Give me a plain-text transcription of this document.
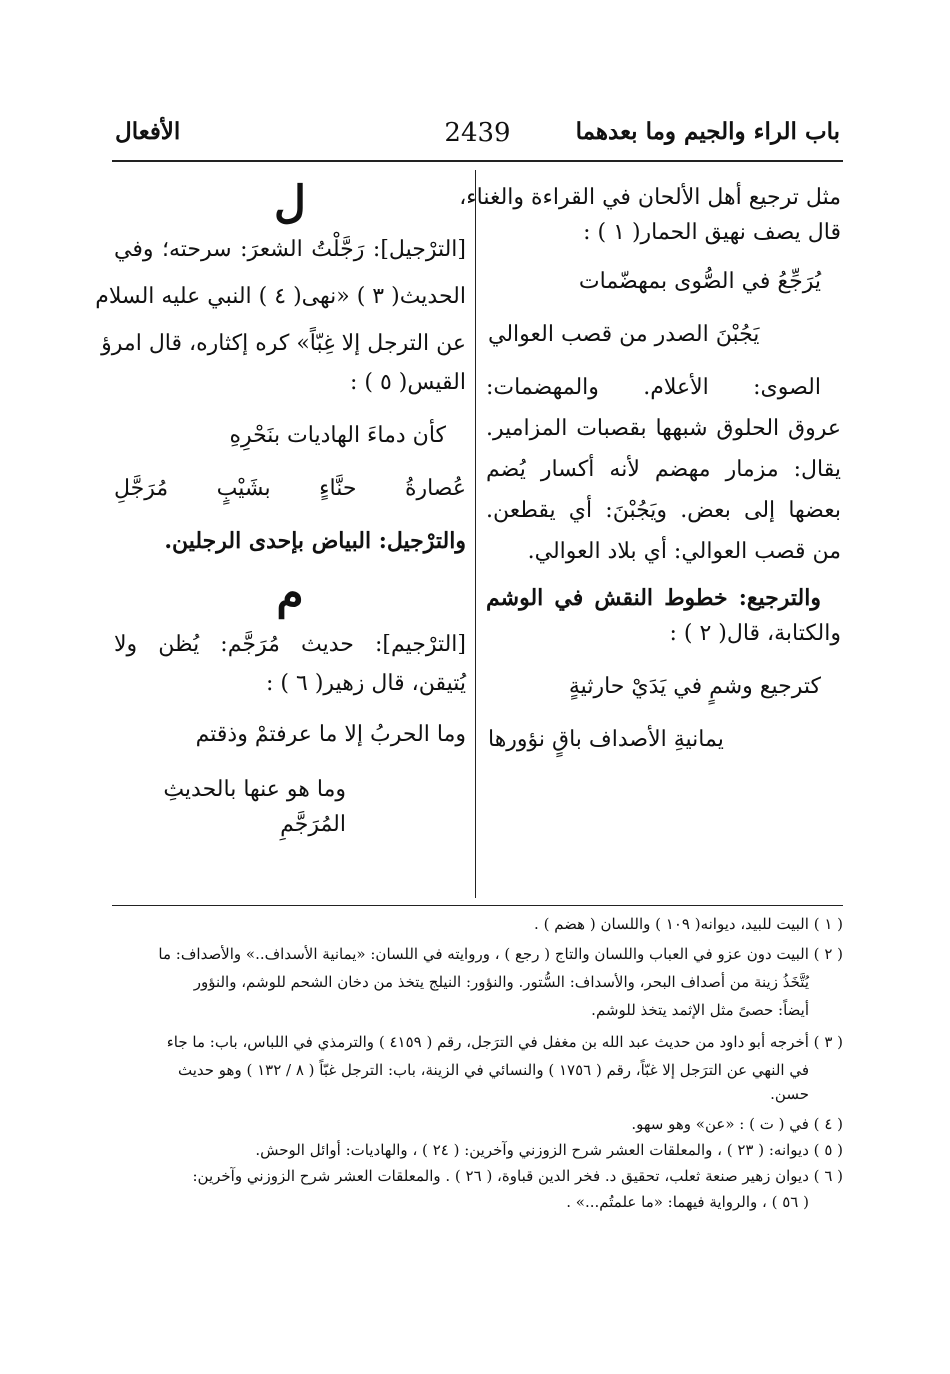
باب الراء والجيم وما بعدهما
2439
الأفعال
مثل ترجيع أهل الألحان في القراءة والغناء،
قال يصف نهيق الحمار( ١ ) :
يُرَجِّعُ في الصُّوى بمهضّمات
يَجُبْنَ الصدر من قصب العوالي
الصوى: الأعلام. والمهضمات:
عروق الحلوق شبهها بقصبات المزامير.
يقال: مزمار مهضم لأنه أكسار يُضم
بعضها إلى بعض. ويَجُبْنَ: أي يقطعن.
من قصب العوالي: أي بلاد العوالي.
والترجيع: خطوط النقش في الوشم
والكتابة، قال( ٢ ) :
كترجيع وشمٍ في يَدَيْ حارثيةٍ
يمانيةِ الأصداف باقٍ نؤورها
ل
[الترْجيل]: رَجَّلْتُ الشعرَ: سرحته؛ وفي
الحديث( ٣ ) «نهى( ٤ ) النبي عليه السلام
عن الترجل إلا غِبّاً» كره إكثاره، قال امرؤ
القيس( ٥ ) :
كأن دماءَ الهاديات بنَحْرِهِ
عُصارةُ حنَّاءٍ بشَيْبٍ مُرَجَّلِ
والترْجيل: البياض بإحدى الرجلين.
م
[الترْجيم]: حديث مُرَجَّم: يُظن ولا
يُتيقن، قال زهير( ٦ ) :
وما الحربُ إلا ما عرفتمْ وذقتم
وما هو عنها بالحديثِ المُرَجَّمِ

( ١ ) البيت للبيد، ديوانه( ١٠٩ ) واللسان ( هضم ) .

( ٢ ) البيت دون عزو في العباب واللسان والتاج ( رجع ) ، وروايته في اللسان: «يمانية الأسداف..» والأصداف: ما

يُتَّخَذُ زينة من أصداف البحر، والأسداف: السُّتور. والنؤور: النيلج يتخذ من دخان الشحم للوشم، والنؤور

أيضاً: حصىً مثل الإثمد يتخذ للوشم.

( ٣ ) أخرجه أبو داود من حديث عبد الله بن مغفل في الترَجل، رقم ( ٤١٥٩ ) والترمذي في اللباس، باب: ما جاء

في النهي عن الترَجل إلا غبّاً، رقم ( ١٧٥٦ ) والنسائي في الزينة، باب: الترجل غبّاً ( ٨ / ١٣٢ ) وهو حديث

حسن.

( ٤ ) في ( ت ) : «عن» وهو سهو.

( ٥ ) ديوانه: ( ٢٣ ) ، والمعلقات العشر شرح الزوزني وآخرين: ( ٢٤ ) ، والهاديات: أوائل الوحش.

( ٦ ) ديوان زهير صنعة ثعلب، تحقيق د. فخر الدين قباوة، ( ٢٦ ) . والمعلقات العشر شرح الزوزني وآخرين:

( ٥٦ ) ، والرواية فيهما: «ما علمتُم...» .
